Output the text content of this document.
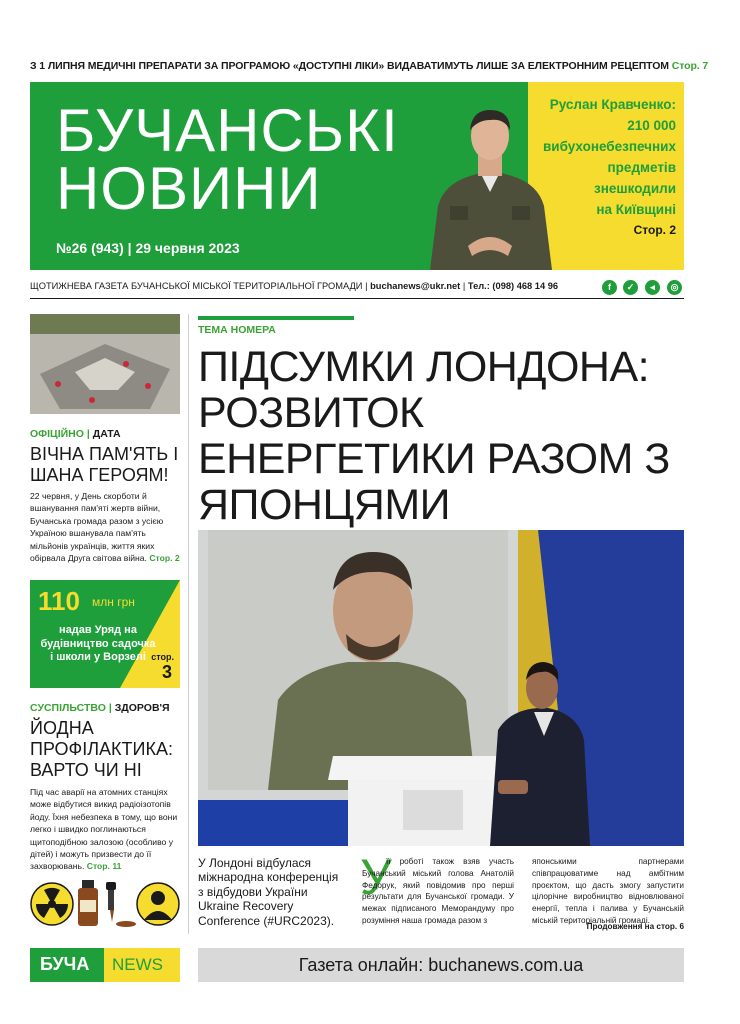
З 1 ЛИПНЯ МЕДИЧНІ ПРЕПАРАТИ ЗА ПРОГРАМОЮ «ДОСТУПНІ ЛІКИ» ВИДАВАТИМУТЬ ЛИШЕ ЗА ЕЛЕКТРОННИМ РЕЦЕПТОМ Стор. 7
БУЧАНСЬКІ
НОВИНИ
№26 (943) | 29 червня 2023
Руслан Кравченко:
210 000
вибухонебезпечних
предметів
знешкодили
на Київщині
Стор. 2
ЩОТИЖНЕВА ГАЗЕТА БУЧАНСЬКОЇ МІСЬКОЇ ТЕРИТОРІАЛЬНОЇ ГРОМАДИ | buchanews@ukr.net | Тел.: (098) 468 14 96	f	✓	◂	◎
ОФІЦІЙНО | ДАТА
ВІЧНА ПАМ'ЯТЬ І ШАНА ГЕРОЯМ!
22 червня, у День скорботи й вшанування пам'яті жертв війни, Бучанська громада разом з усією Україною вшанувала пам'ять мільйонів українців, життя яких обірвала Друга світова війна. Стор. 2
110 млн грн
надав Уряд на будівництво садочка і школи у Ворзелі стор.
3
СУСПІЛЬСТВО | ЗДОРОВ'Я
ЙОДНА ПРОФІЛАКТИКА: ВАРТО ЧИ НІ
Під час аварії на атомних станціях може відбутися викид радіоізотопів йоду. Їхня небезпека в тому, що вони легко і швидко поглинаються щитоподібною залозою (особливо у дітей) і можуть призвести до її захворювань. Стор. 11
ТЕМА НОМЕРА
ПІДСУМКИ ЛОНДОНА: РОЗВИТОК ЕНЕРГЕТИКИ РАЗОМ З ЯПОНЦЯМИ
У Лондоні відбулася міжнародна конференція з відбудови України Ukraine Recovery Conference (#URC2023).
У
її роботі також взяв участь Бучанський міський голова Анатолій Федорук, який повідомив про перші результати для Бучанської громади. У межах підписаного Меморандуму про розуміння наша громада разом з
японськими партнерами співпрацюватиме над амбітним проєктом, що дасть змогу запустити цілорічне виробництво відновлюваної енергії, тепла і палива у Бучанській міській територіальній громаді.
Продовження на стор. 6
БУЧА NEWS	Газета онлайн: buchanews.com.ua
